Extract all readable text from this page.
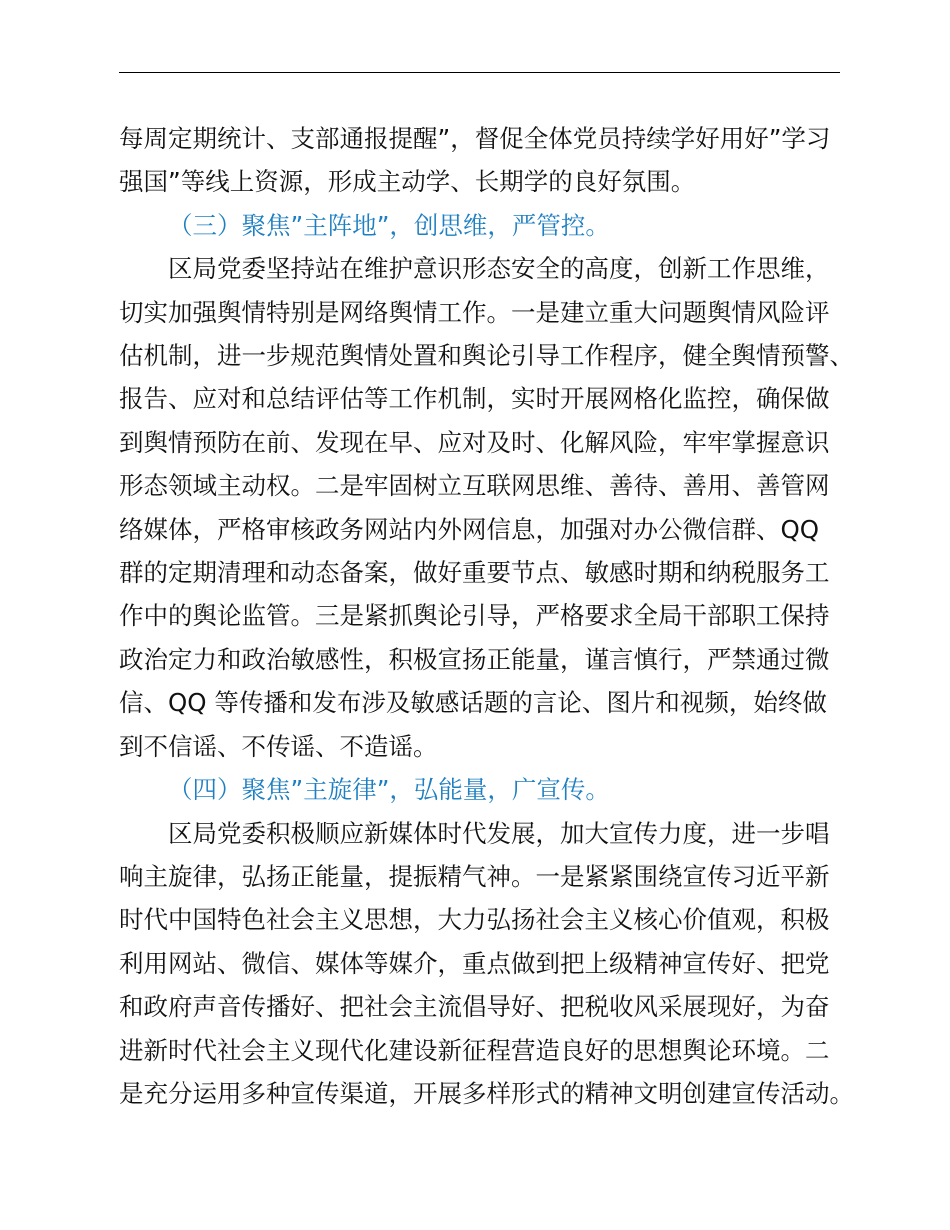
每周定期统计、支部通报提醒”，督促全体党员持续学好用好”学习
强国”等线上资源，形成主动学、长期学的良好氛围。
（三）聚焦”主阵地”，创思维，严管控。
区局党委坚持站在维护意识形态安全的高度，创新工作思维，
切实加强舆情特别是网络舆情工作。一是建立重大问题舆情风险评
估机制，进一步规范舆情处置和舆论引导工作程序，健全舆情预警、
报告、应对和总结评估等工作机制，实时开展网格化监控，确保做
到舆情预防在前、发现在早、应对及时、化解风险，牢牢掌握意识
形态领域主动权。二是牢固树立互联网思维、善待、善用、善管网
络媒体，严格审核政务网站内外网信息，加强对办公微信群、QQ
群的定期清理和动态备案，做好重要节点、敏感时期和纳税服务工
作中的舆论监管。三是紧抓舆论引导，严格要求全局干部职工保持
政治定力和政治敏感性，积极宣扬正能量，谨言慎行，严禁通过微
信、QQ 等传播和发布涉及敏感话题的言论、图片和视频，始终做
到不信谣、不传谣、不造谣。
（四）聚焦”主旋律”，弘能量，广宣传。
区局党委积极顺应新媒体时代发展，加大宣传力度，进一步唱
响主旋律，弘扬正能量，提振精气神。一是紧紧围绕宣传习近平新
时代中国特色社会主义思想，大力弘扬社会主义核心价值观，积极
利用网站、微信、媒体等媒介，重点做到把上级精神宣传好、把党
和政府声音传播好、把社会主流倡导好、把税收风采展现好，为奋
进新时代社会主义现代化建设新征程营造良好的思想舆论环境。二
是充分运用多种宣传渠道，开展多样形式的精神文明创建宣传活动。
